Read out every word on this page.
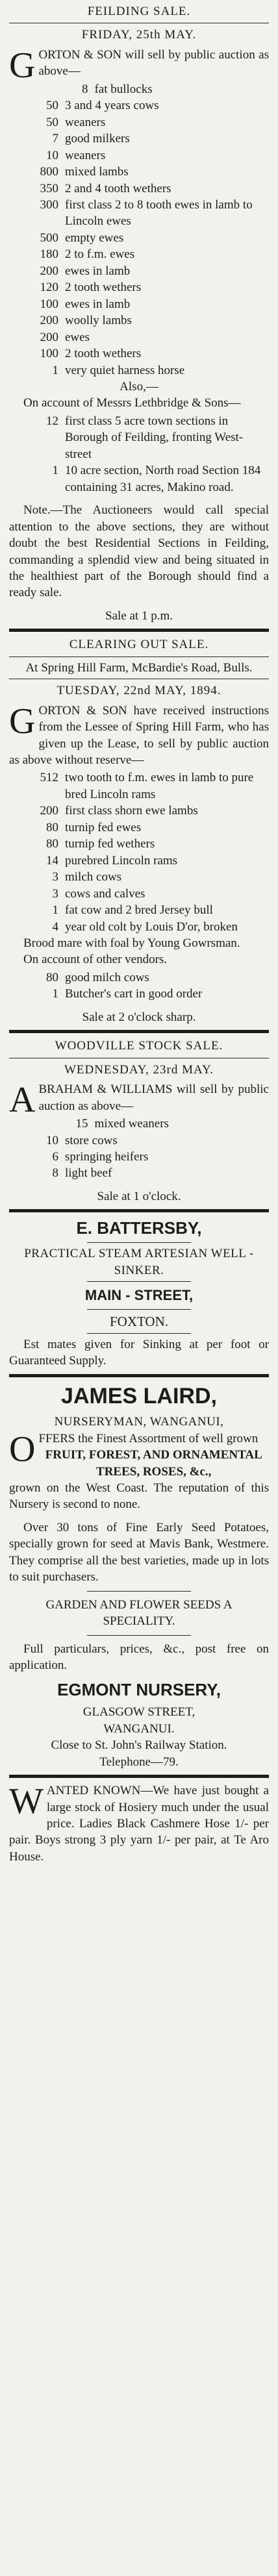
FEILDING SALE.
FRIDAY, 25th MAY.
G ORTON & SON will sell by public auction as above—
8 fat bullocks
50 3 and 4 years cows
50 weaners
7 good milkers
10 weaners
800 mixed lambs
350 2 and 4 tooth wethers
300 first class 2 to 8 tooth ewes in lamb to Lincoln ewes
500 empty ewes
180 2 to f.m. ewes
200 ewes in lamb
120 2 tooth wethers
100 ewes in lamb
200 woolly lambs
200 ewes
100 2 tooth wethers
1 very quiet harness horse
Also,—
On account of Messrs Lethbridge & Sons—
12 first class 5 acre town sections in Borough of Feilding, fronting West-street
1 10 acre section, North road Section 184 containing 31 acres, Makino road.
Note.—The Auctioneers would call special attention to the above sections, they are without doubt the best Residential Sections in Feilding, commanding a splendid view and being situated in the healthiest part of the Borough should find a ready sale.
Sale at 1 p.m.
CLEARING OUT SALE.
At Spring Hill Farm, McBardie's Road, Bulls.
TUESDAY, 22nd MAY, 1894.
G ORTON & SON have received instructions from the Lessee of Spring Hill Farm, who has given up the Lease, to sell by public auction as above without reserve—
512 two tooth to f.m. ewes in lamb to pure bred Lincoln rams
200 first class shorn ewe lambs
80 turnip fed ewes
80 turnip fed wethers
14 purebred Lincoln rams
3 milch cows
3 cows and calves
1 fat cow and 2 bred Jersey bull
4 year old colt by Louis D'or, broken
Brood mare with foal by Young Gowrsman.
On account of other vendors.
80 good milch cows
1 Butcher's cart in good order
Sale at 2 o'clock sharp.
WOODVILLE STOCK SALE.
WEDNESDAY, 23rd MAY.
A BRAHAM & WILLIAMS will sell by public auction as above—
15 mixed weaners
10 store cows
6 springing heifers
8 light beef
Sale at 1 o'clock.
E. BATTERSBY,
PRACTICAL STEAM ARTESIAN WELL - SINKER.
MAIN - STREET,
FOXTON.
Est mates given for Sinking at per foot or Guaranteed Supply.
JAMES LAIRD,
NURSERYMAN, WANGANUI,
O FFERS the Finest Assortment of well grown
FRUIT, FOREST, AND ORNAMENTAL TREES, ROSES, &c.,
grown on the West Coast. The reputation of this Nursery is second to none.
Over 30 tons of Fine Early Seed Potatoes, specially grown for seed at Mavis Bank, Westmere. They comprise all the best varieties, made up in lots to suit purchasers.
GARDEN AND FLOWER SEEDS A SPECIALITY.
Full particulars, prices, &c., post free on application.
EGMONT NURSERY,
GLASGOW STREET,
WANGANUI.
Close to St. John's Railway Station.
Telephone—79.
W ANTED KNOWN—We have just bought a large stock of Hosiery much under the usual price. Ladies Black Cashmere Hose 1/- per pair. Boys strong 3 ply yarn 1/- per pair, at Te Aro House.
